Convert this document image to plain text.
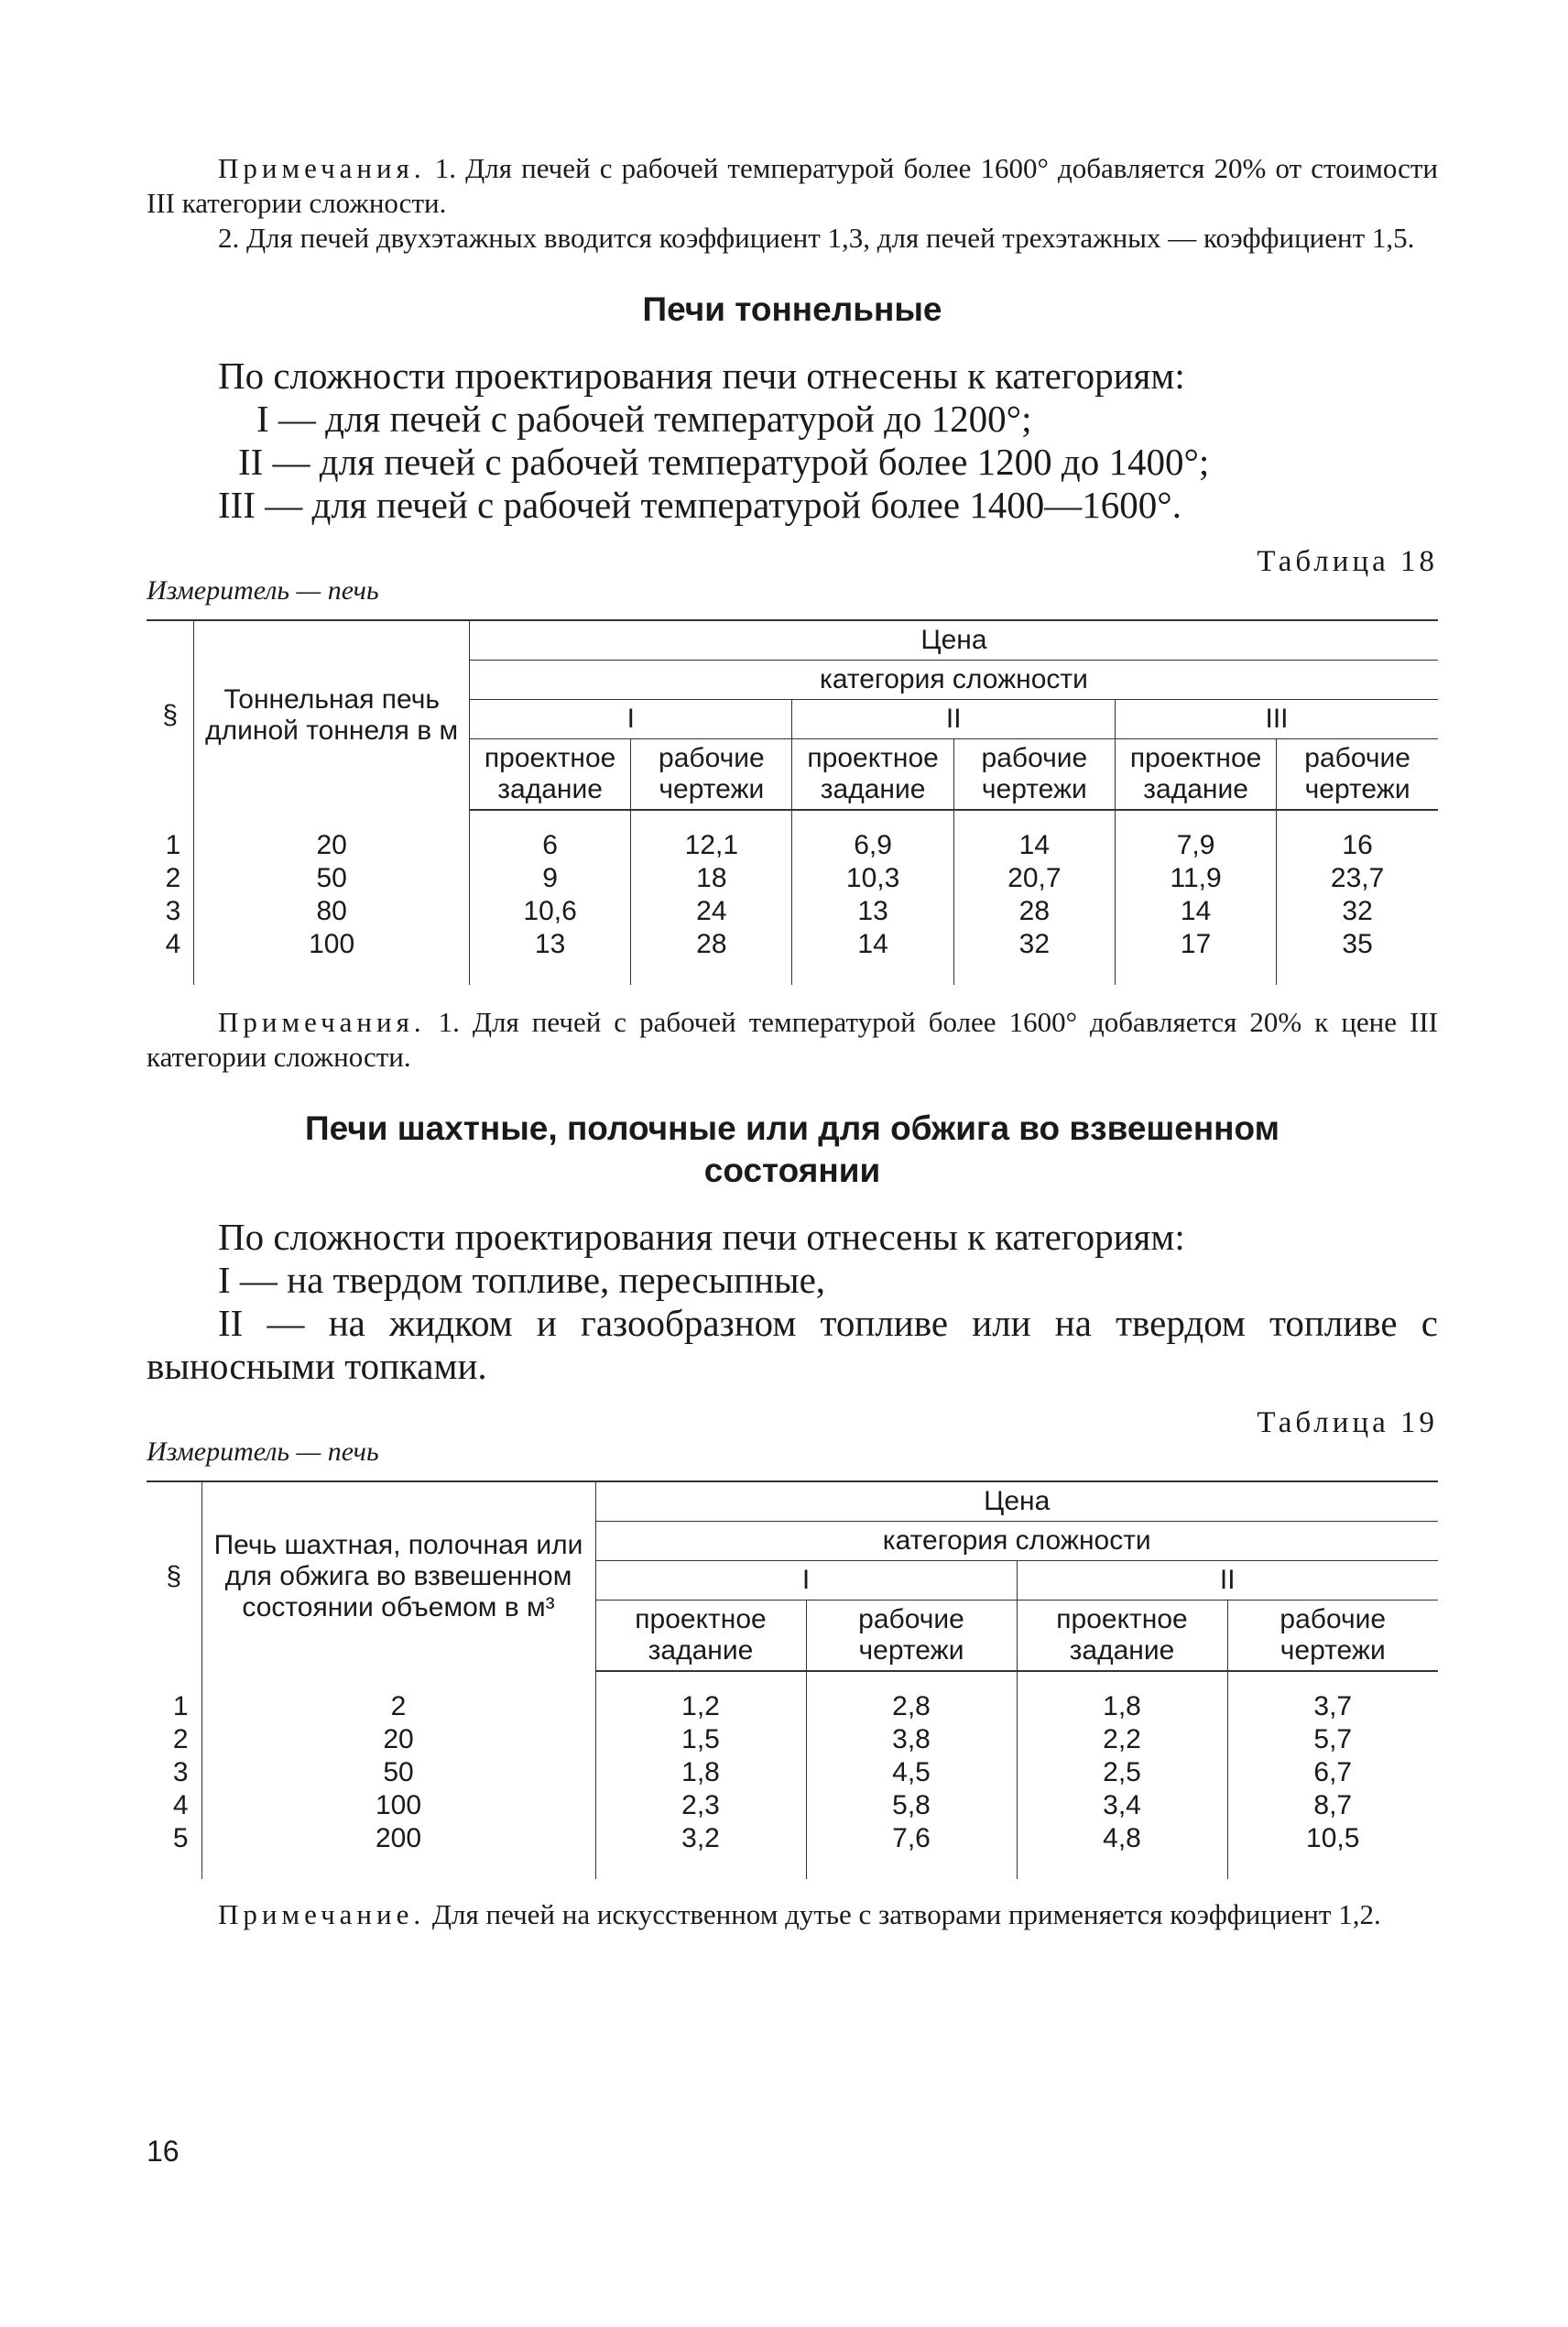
Примечания. 1. Для печей с рабочей температурой более 1600° добавляется 20% от стоимости III категории сложности.
2. Для печей двухэтажных вводится коэффициент 1,3, для печей трехэтажных — коэффициент 1,5.
Печи тоннельные
По сложности проектирования печи отнесены к категориям:
I — для печей с рабочей температурой до 1200°;
II — для печей с рабочей температурой более 1200 до 1400°;
III — для печей с рабочей температурой более 1400—1600°.
Таблица 18
Измеритель — печь
§	Тоннельная печь длиной тоннеля в м	Цена					
		категория сложности					
		I		II		III	
		проектное задание	рабочие чертежи	проектное задание	рабочие чертежи	проектное задание	рабочие чертежи
1	20	6	12,1	6,9	14	7,9	16
2	50	9	18	10,3	20,7	11,9	23,7
3	80	10,6	24	13	28	14	32
4	100	13	28	14	32	17	35
Примечания. 1. Для печей с рабочей температурой более 1600° добавляется 20% к цене III категории сложности.
Печи шахтные, полочные или для обжига во взвешенном состоянии
По сложности проектирования печи отнесены к категориям:
I — на твердом топливе, пересыпные,
II — на жидком и газообразном топливе или на твердом топливе с выносными топками.
Таблица 19
Измеритель — печь
§	Печь шахтная, полочная или для обжига во взвешенном состоянии объемом в м³	Цена			
		категория сложности			
		I		II	
		проектное задание	рабочие чертежи	проектное задание	рабочие чертежи
1	2	1,2	2,8	1,8	3,7
2	20	1,5	3,8	2,2	5,7
3	50	1,8	4,5	2,5	6,7
4	100	2,3	5,8	3,4	8,7
5	200	3,2	7,6	4,8	10,5
Примечание. Для печей на искусственном дутье с затворами применяется коэффициент 1,2.
16
